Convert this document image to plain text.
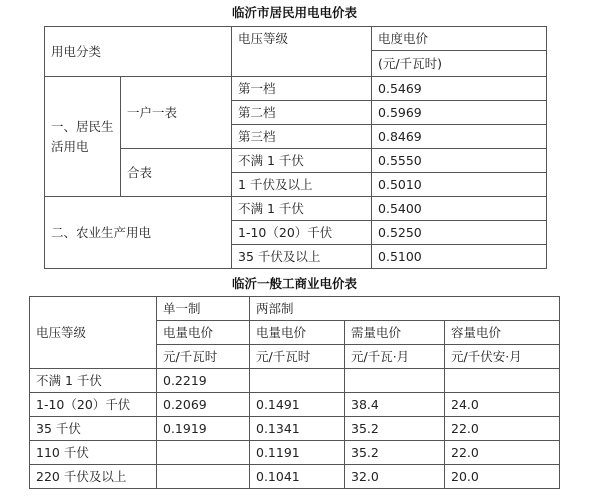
临沂市居民用电电价表
用电分类		电压等级	电度电价
			(元/千瓦时)
一、居民生活用电	一户一表	第一档	0.5469
		第二档	0.5969
		第三档	0.8469
	合表	不满 1 千伏	0.5550
		1 千伏及以上	0.5010
二、农业生产用电		不满 1 千伏	0.5400
		1-10（20）千伏	0.5250
		35 千伏及以上	0.5100
临沂一般工商业电价表
电压等级	单一制	两部制		
	电量电价	电量电价	需量电价	容量电价
	元/千瓦时	元/千瓦时	元/千瓦·月	元/千伏安·月
不满 1 千伏	0.2219			
1-10（20）千伏	0.2069	0.1491	38.4	24.0
35 千伏	0.1919	0.1341	35.2	22.0
110 千伏		0.1191	35.2	22.0
220 千伏及以上		0.1041	32.0	20.0
